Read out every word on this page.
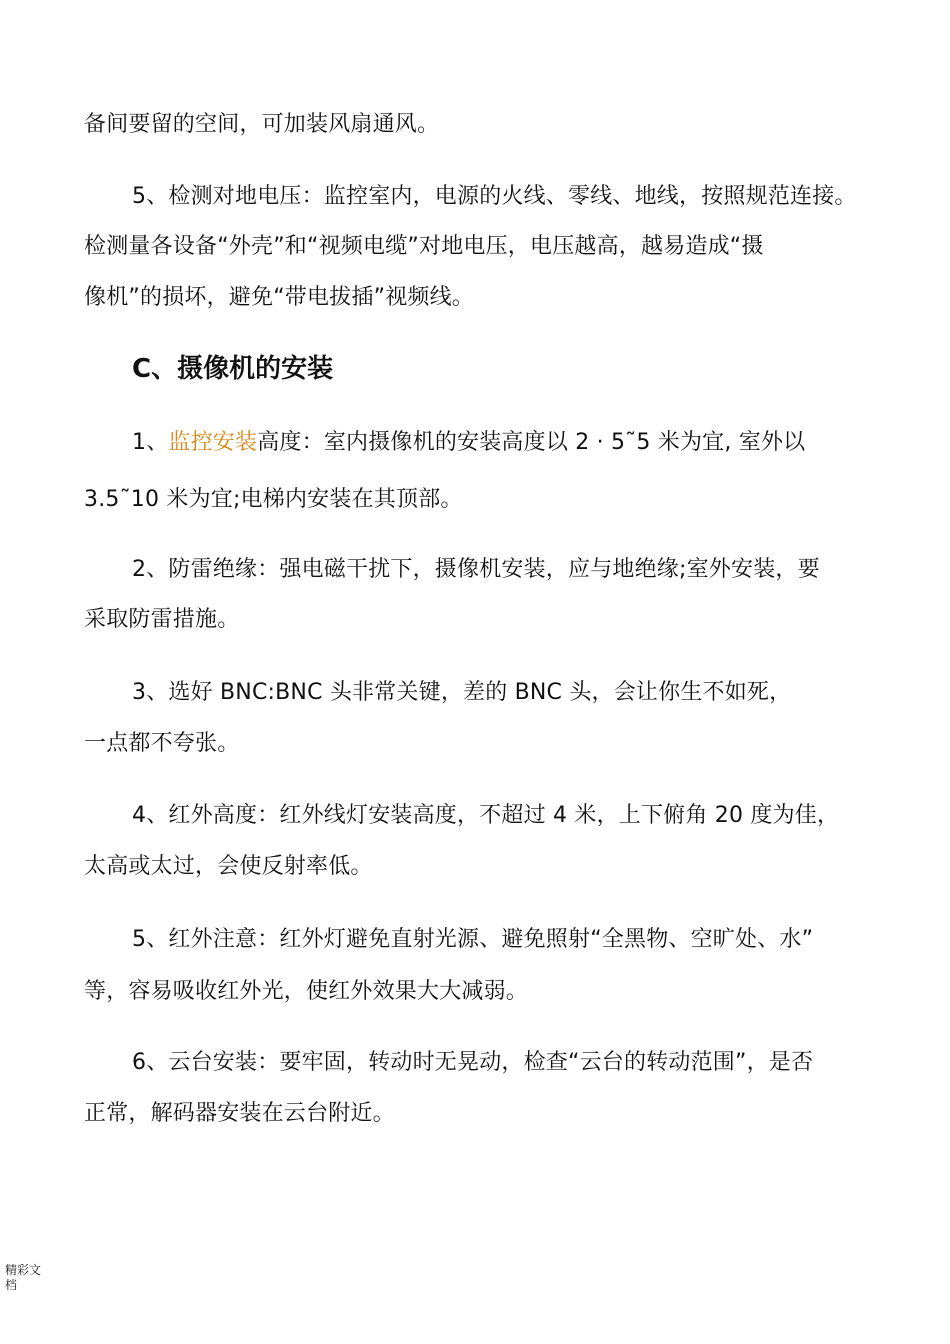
备间要留的空间，可加装风扇通风。
5、检测对地电压：监控室内，电源的火线、零线、地线，按照规范连接。
检测量各设备“外壳”和“视频电缆”对地电压，电压越高，越易造成“摄
像机”的损坏，避免“带电拔插”视频线。
C、摄像机的安装
1、监控安装高度：室内摄像机的安装高度以 2 · 5˜5 米为宜, 室外以
3.5˜10 米为宜;电梯内安装在其顶部。
2、防雷绝缘：强电磁干扰下，摄像机安装，应与地绝缘;室外安装，要
采取防雷措施。
3、选好 BNC:BNC 头非常关键，差的 BNC 头，会让你生不如死，
一点都不夸张。
4、红外高度：红外线灯安装高度，不超过 4 米，上下俯角 20 度为佳，
太高或太过，会使反射率低。
5、红外注意：红外灯避免直射光源、避免照射“全黑物、空旷处、水”
等，容易吸收红外光，使红外效果大大减弱。
6、云台安装：要牢固，转动时无晃动，检查“云台的转动范围”，是否
正常，解码器安装在云台附近。
精彩文
档
